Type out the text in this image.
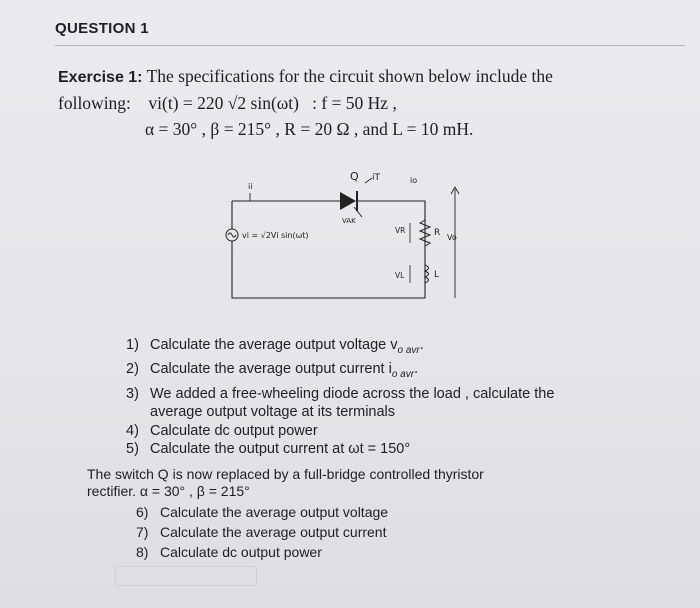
QUESTION 1
Exercise 1: The specifications for the circuit shown below include the
following: vi(t) = 220 √2 sin(ωt) : f = 50 Hz ,
α = 30° , β = 215° , R = 20 Ω , and L = 10 mH.
Q iT	io
ii
VAK
vi = √2Vi sin(ωt)
VR	R Vo
VL	L
1) Calculate the average output voltage $v_{o avr}$.
2) Calculate the average output current $i_{o avr}$.
3) We added a free-wheeling diode across the load , calculate the
average output voltage at its terminals
4) Calculate dc output power
5) Calculate the output current at ωt = 150°
The switch Q is now replaced by a full-bridge controlled thyristor
rectifier. α = 30° , β = 215°
6) Calculate the average output voltage
7) Calculate the average output current
8) Calculate dc output power
